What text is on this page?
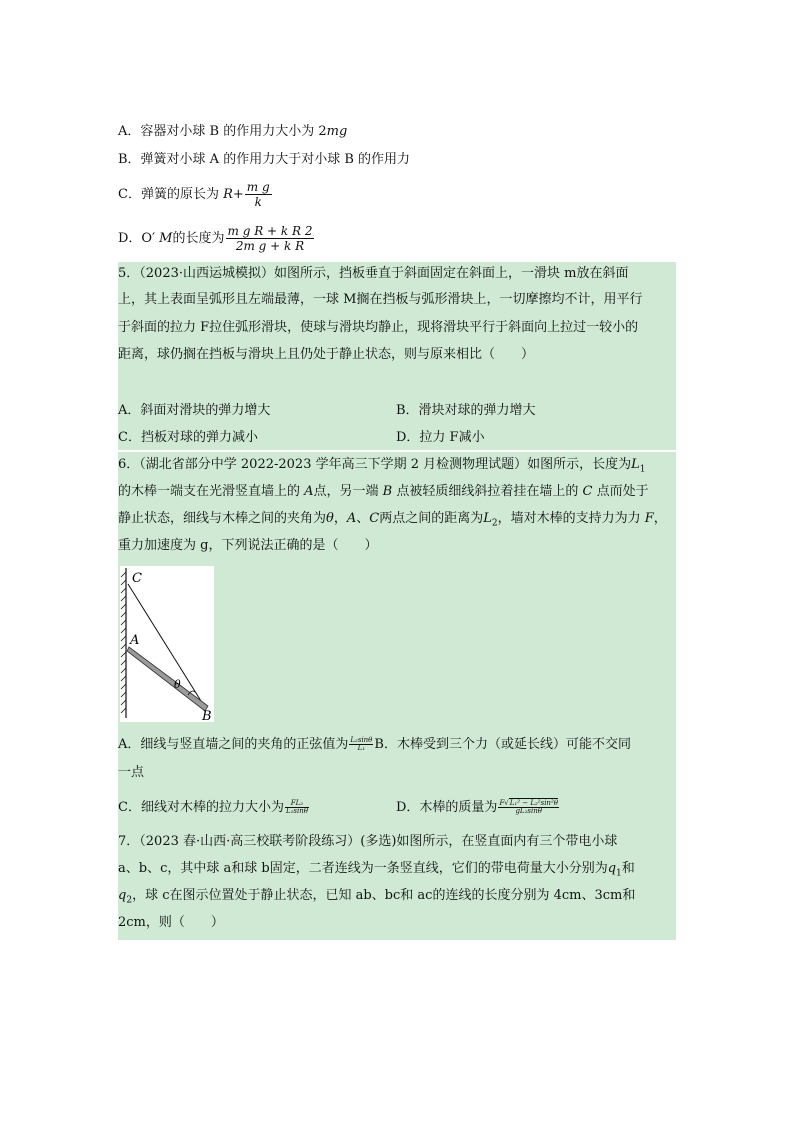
A．容器对小球 B 的作用力大小为 2mg
B．弹簧对小球 A 的作用力大于对小球 B 的作用力
C．弹簧的原长为 $R+ \frac{\text{m g}}{k}$
D．O′ M的长度为 $\frac{\text{m g R + k R 2}}{\text{2m g + k R}}$
5．（2023·山西运城模拟）如图所示，挡板垂直于斜面固定在斜面上，一滑块 m放在斜面
上，其上表面呈弧形且左端最薄，一球 M搁在挡板与弧形滑块上，一切摩擦均不计，用平行
于斜面的拉力 F拉住弧形滑块，使球与滑块均静止，现将滑块平行于斜面向上拉过一较小的
距离，球仍搁在挡板与滑块上且仍处于静止状态，则与原来相比（　　）
A．斜面对滑块的弹力增大	B．滑块对球的弹力增大
C．挡板对球的弹力减小	D．拉力 F减小
6．（湖北省部分中学 2022-2023 学年高三下学期 2 月检测物理试题）如图所示，长度为$L_1$
的木棒一端支在光滑竖直墙上的 A点，另一端 B 点被轻质细线斜拉着挂在墙上的 C 点而处于
静止状态，细线与木棒之间的夹角为θ，A、C两点之间的距离为$L_2$，墙对木棒的支持力为力 F，
重力加速度为 g，下列说法正确的是（　　）
C
A
B
θ
A．细线与竖直墙之间的夹角的正弦值为 $\frac{\text{L₂sinθ}}{\text{L₁}}$ B．木棒受到三个力（或延长线）可能不交同
一点
C．细线对木棒的拉力大小为 $\frac{\text{FL₂}}{\text{L₁sinθ}}$	D．木棒的质量为 $\frac{\text{F√L₁² − L₂²sin²θ}}{\text{gL₂sinθ}}$
7．（2023 春·山西·高三校联考阶段练习）(多选)如图所示，在竖直面内有三个带电小球
a、b、c，其中球 a和球 b固定，二者连线为一条竖直线，它们的带电荷量大小分别为$q_1$和
$q_2$，球 c在图示位置处于静止状态，已知 ab、bc和 ac的连线的长度分别为 4cm、3cm和
2cm，则（　　）
